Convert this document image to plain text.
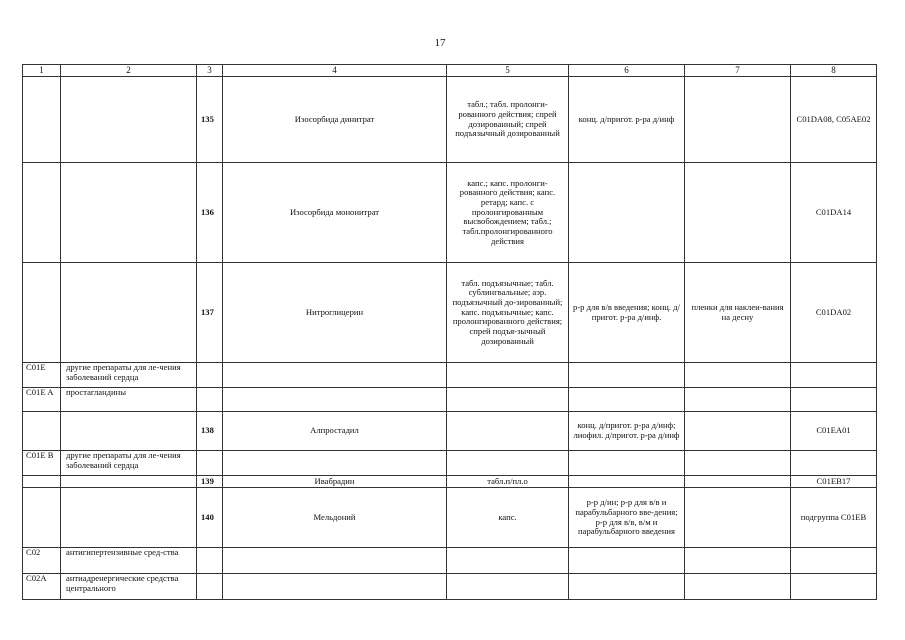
17
1	2	3	4	5	6	7	8
		135	Изосорбида динитрат	табл.; табл. пролонги-рованного действия; спрей дозированный; спрей подъязычный дозированный	конц. д/пригот. р-ра д/инф		C01DA08, C05AE02
		136	Изосорбида мононитрат	капс.; капс. пролонги-рованного действия; капс. ретард; капс. с пролонгированным высвобождением; табл.; табл.пролонгированного действия			C01DA14
		137	Нитроглицерин	табл. подъязычные; табл. сублингвальные; аэр. подъязычный до-зированный; капс. подъязычные; капс. пролонгированного действия; спрей подъя-зычный дозированный	р-р для в/в введения; конц. д/пригот. р-ра д/инф.	пленки для наклеи-вания на десну	C01DA02
C01E	другие препараты для ле-чения заболеваний сердца						
C01E A	простагландины						
		138	Алпростадил		конц. д/пригот. р-ра д/инф; лиофил. д/пригот. р-ра д/инф		C01EA01
C01E B	другие препараты для ле-чения заболеваний сердца						
		139	Ивабрадин	табл.п/пл.о			C01EB17
		140	Мельдоний	капс.	р-р д/ин; р-р для в/в и парабульбарного вве-дения; р-р для в/в, в/м и парабульбарного введения		подгруппа C01EB
C02	антигипертензивные сред-ства						
C02A	антиадренергические средства центрального						
